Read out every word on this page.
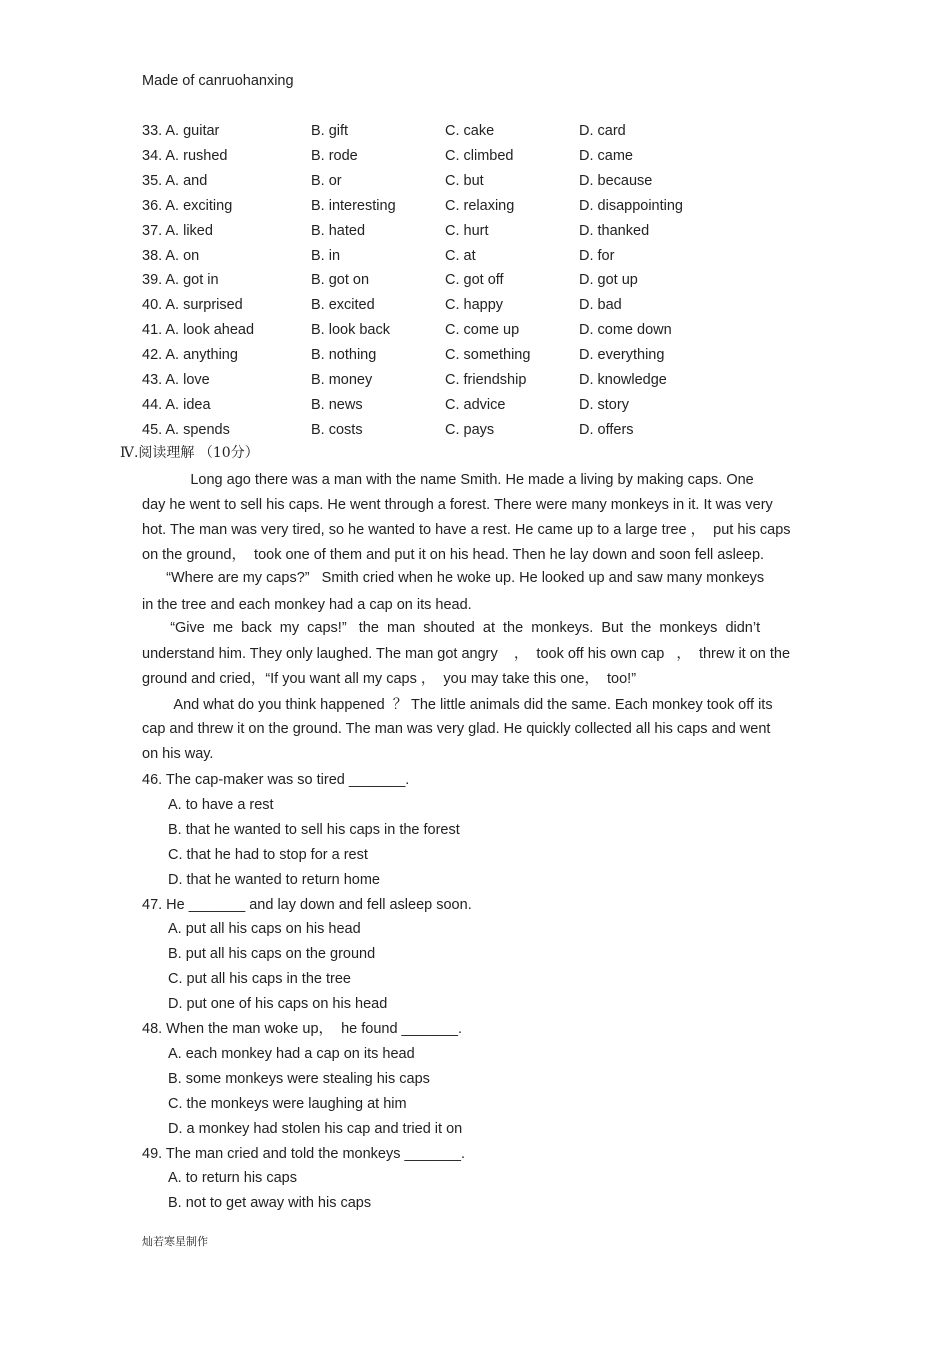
Made of canruohanxing
33. A. guitar	B. gift	C. cake	D. card
34. A. rushed	B. rode	C. climbed	D. came
35. A. and	B. or	C. but	D. because
36. A. exciting	B. interesting	C. relaxing	D. disappointing
37. A. liked	B. hated	C. hurt	D. thanked
38. A. on	B. in	C. at	D. for
39. A. got in	B. got on	C. got off	D. got up
40. A. surprised	B. excited	C. happy	D. bad
41. A. look ahead	B. look back	C. come up	D. come down
42. A. anything	B. nothing	C. something	D. everything
43. A. love	B. money	C. friendship	D. knowledge
44. A. idea	B. news	C. advice	D. story
45. A. spends	B. costs	C. pays	D. offers
Ⅳ.阅读理解 （10分）
Long ago there was a man with the name Smith. He made a living by making caps. One
day he went to sell his caps. He went through a forest. There were many monkeys in it. It was very
hot. The man was very tired, so he wanted to have a rest. He came up to a large tree ，  put his caps
on the ground，  took one of them and put it on his head. Then he lay down and soon fell asleep.
“Where are my caps?”   Smith cried when he woke up. He looked up and saw many monkeys
in the tree and each monkey had a cap on its head.
“Give  me  back  my  caps!”   the  man  shouted  at  the  monkeys.  But  the  monkeys  didn’t
understand him. They only laughed. The man got angry    ，  took off his own cap   ，  threw it on the
ground and cried，“If you want all my caps ，  you may take this one，  too!”
And what do you think happened  ？ The little animals did the same. Each monkey took off its
cap and threw it on the ground. The man was very glad. He quickly collected all his caps and went
on his way.
46. The cap-maker was so tired _______.
A. to have a rest
B. that he wanted to sell his caps in the forest
C. that he had to stop for a rest
D. that he wanted to return home
47. He _______ and lay down and fell asleep soon.
A. put all his caps on his head
B. put all his caps on the ground
C. put all his caps in the tree
D. put one of his caps on his head
48. When the man woke up，  he found _______.
A. each monkey had a cap on its head
B. some monkeys were stealing his caps
C. the monkeys were laughing at him
D. a monkey had stolen his cap and tried it on
49. The man cried and told the monkeys _______.
A. to return his caps
B. not to get away with his caps
灿若寒星制作
